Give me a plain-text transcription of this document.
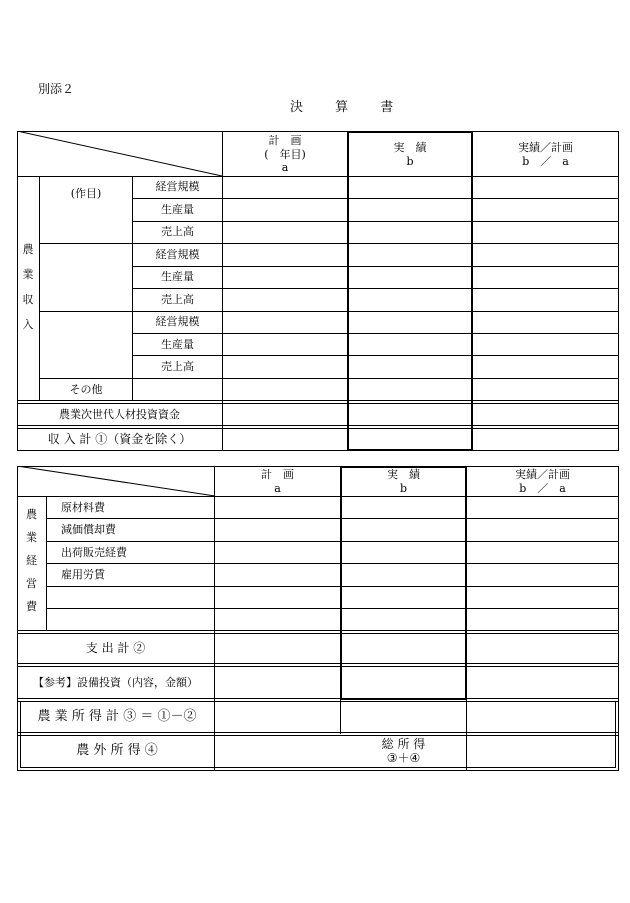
別添２
決 算 書
計　画
(　年目)
a
実　績
b
実績／計画
b　／　a
農
業
収
入
(作目)
経営規模
生産量
売上高
経営規模
生産量
売上高
経営規模
生産量
売上高
その他
農業次世代人材投資資金
収 入 計 ①（資金を除く）
計　画
a
実　績
b
実績／計画
b　／　a
農
業
経
営
費
原材料費
減価償却費
出荷販売経費
雇用労賃
支 出 計 ②
【参考】設備投資（内容，金額）
農 業 所 得 計 ③ ＝ ①－②
農 外 所 得 ④	総 所 得
③＋④
